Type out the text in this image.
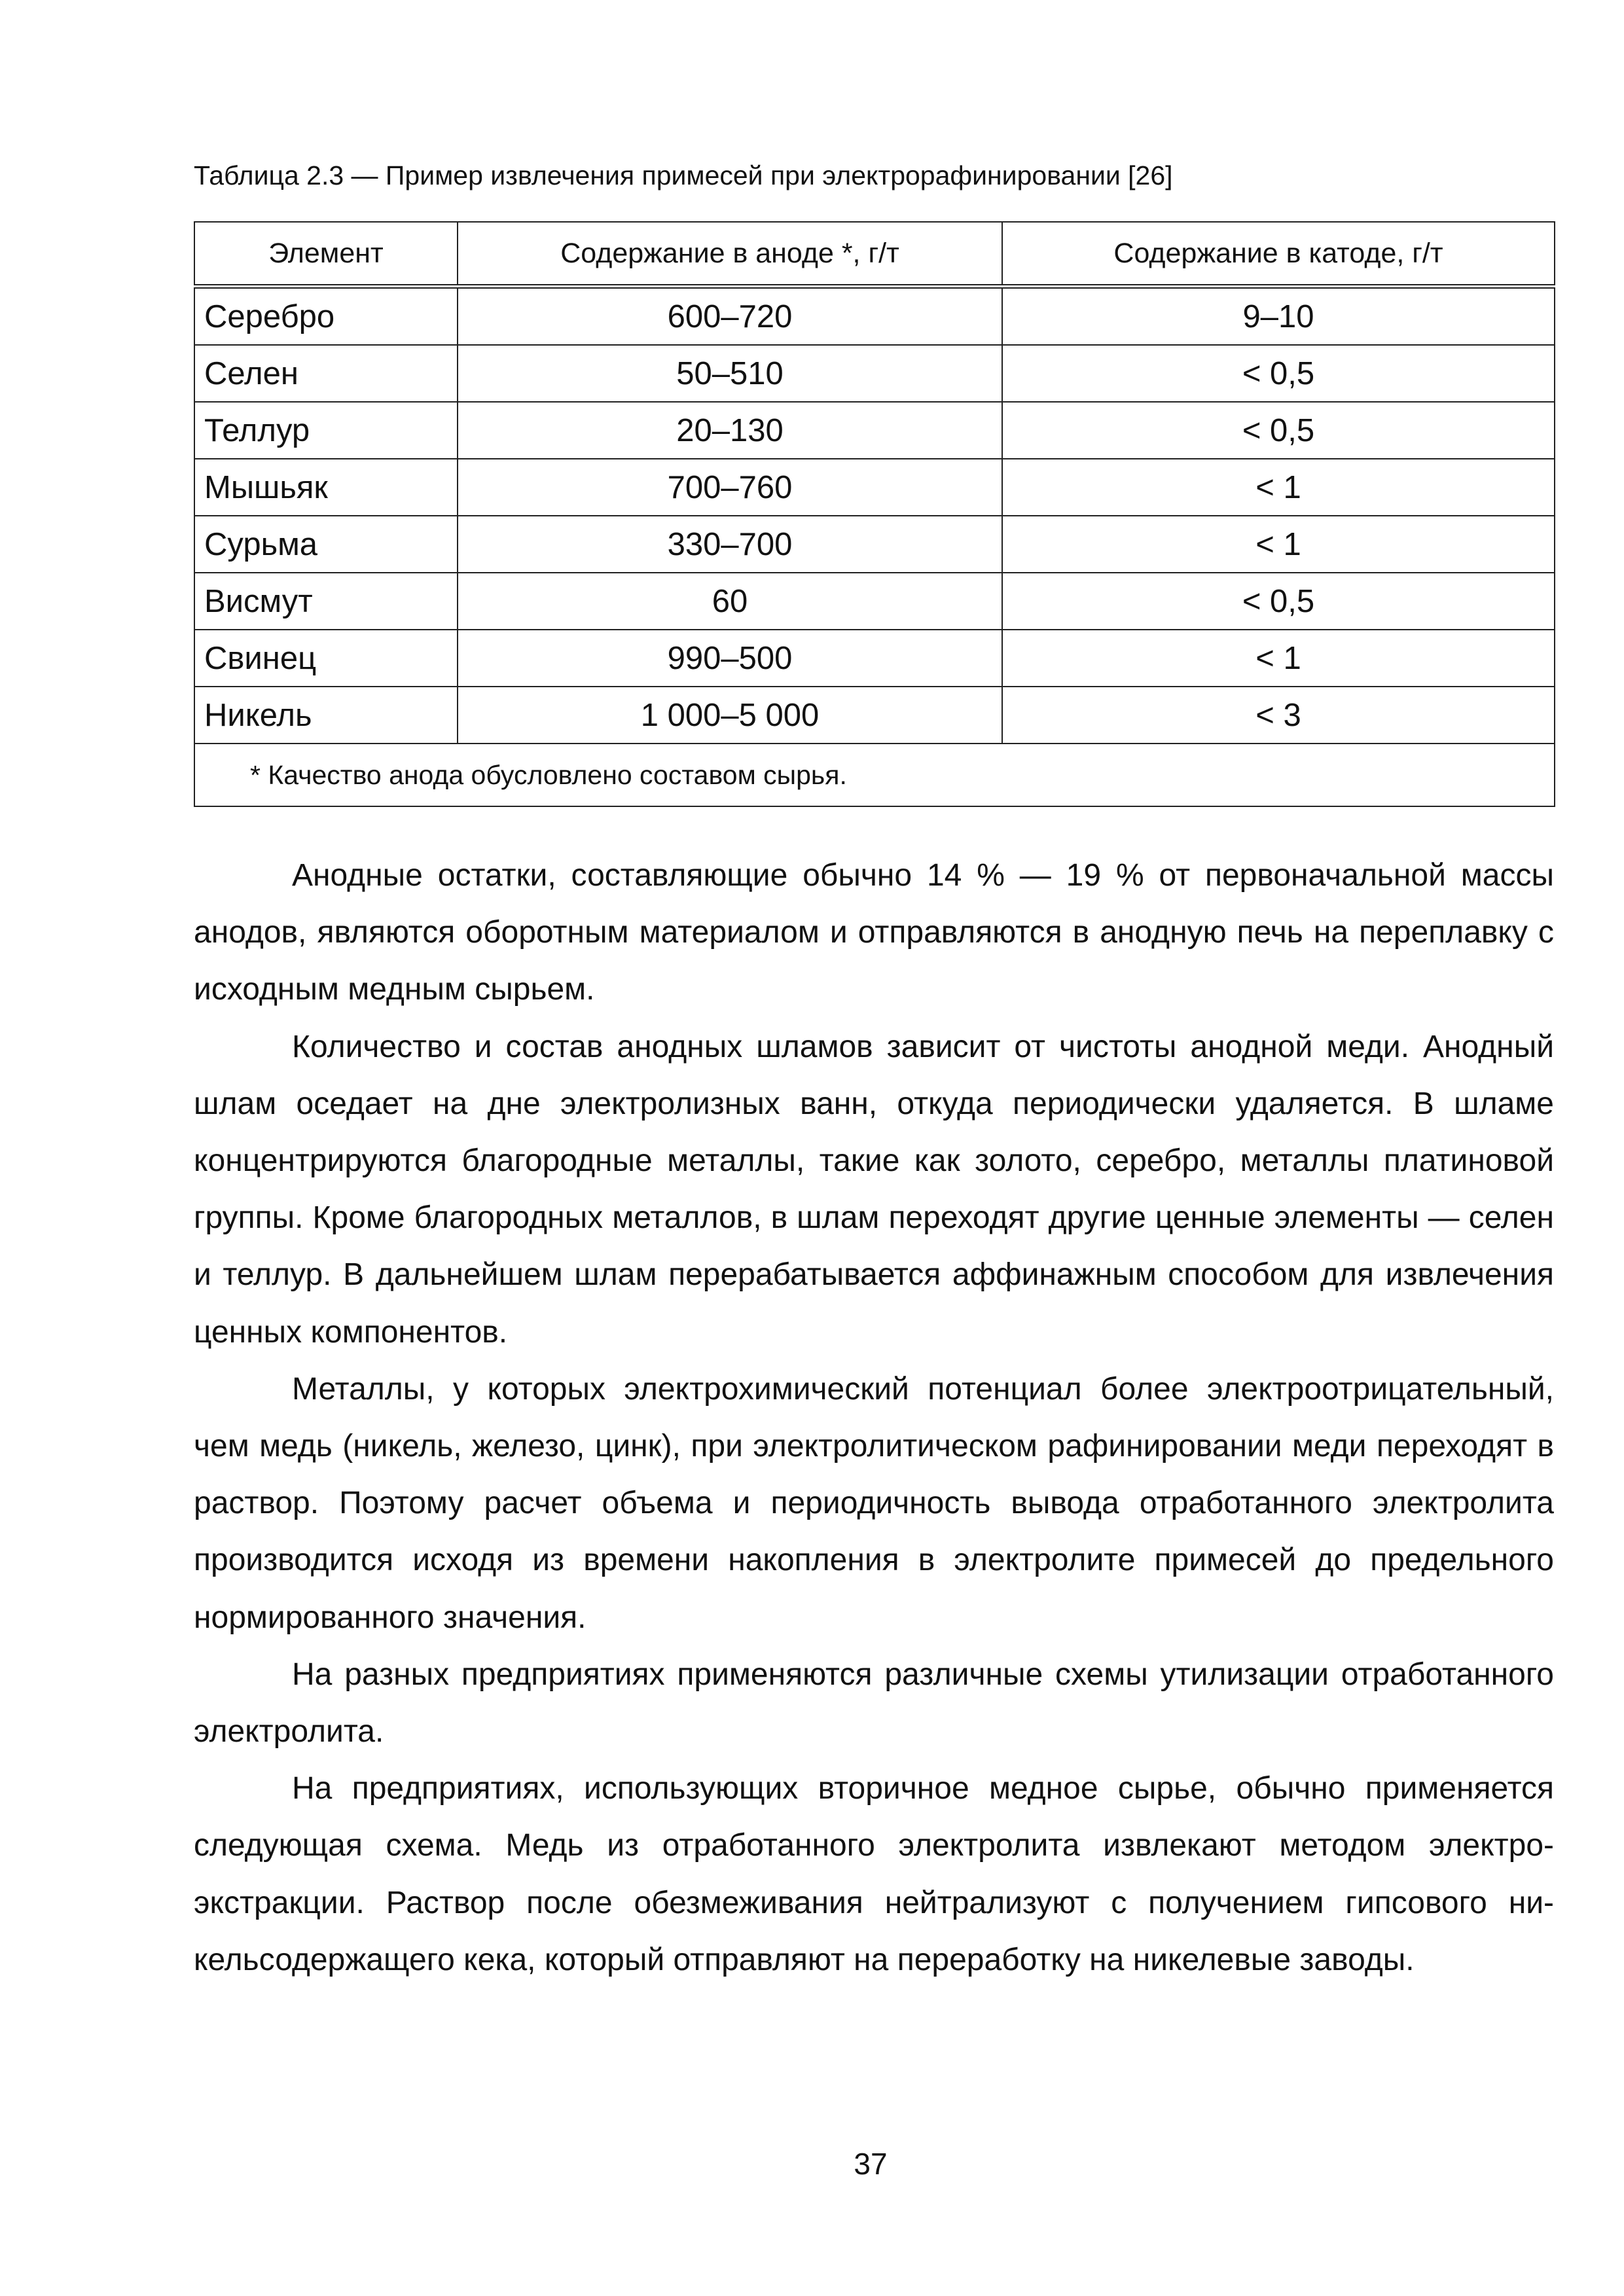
Таблица 2.3 — Пример извлечения примесей при электрорафинировании [26]
Элемент	Содержание в аноде *, г/т	Содержание в катоде, г/т
Серебро	600–720	9–10
Селен	50–510	< 0,5
Теллур	20–130	< 0,5
Мышьяк	700–760	< 1
Сурьма	330–700	< 1
Висмут	60	< 0,5
Свинец	990–500	< 1
Никель	1 000–5 000	< 3
* Качество анода обусловлено составом сырья.		

Анодные остатки, составляющие обычно 14 % — 19 % от первоначальной массы анодов, являются оборотным материалом и отправляются в анодную печь на переплавку с исходным медным сырьем.

Количество и состав анодных шламов зависит от чистоты анодной меди. Анодный шлам оседает на дне электролизных ванн, откуда периодически удаляется. В шламе концентрируются благородные металлы, такие как золото, серебро, металлы платиновой группы. Кроме благородных металлов, в шлам переходят другие ценные элементы — селен и теллур. В дальнейшем шлам перерабатывается аффинажным способом для извлечения ценных компонентов.

Металлы, у которых электрохимический потенциал более электроотрицательный, чем медь (никель, железо, цинк), при электролитическом рафинировании меди переходят в раствор. Поэтому расчет объема и периодичность вывода отработанного электролита производится исходя из времени накопления в электролите примесей до предельного нормированного значения.

На разных предприятиях применяются различные схемы утилизации отработанного электролита.

На предприятиях, использующих вторичное медное сырье, обычно применяется следующая схема. Медь из отработанного электролита извлекают методом электроэкстракции. Раствор после обезмеживания нейтрализуют с получением гипсового никельсодержащего кека, который отправляют на переработку на никелевые заводы.

37
